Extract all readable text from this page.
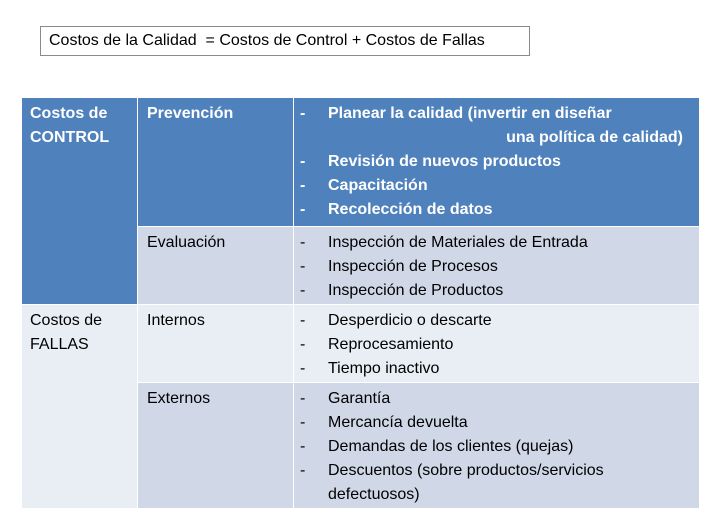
Costos de la Calidad  = Costos de Control + Costos de Fallas
Costos de CONTROL
Prevención	- Planear la calidad (invertir en diseñar
una política de calidad)
- Revisión de nuevos productos
- Capacitación
- Recolección de datos
Evaluación	- Inspección de Materiales de Entrada
- Inspección de Procesos
- Inspección de Productos
Costos de FALLAS
Internos	- Desperdicio o descarte
- Reprocesamiento
- Tiempo inactivo
Externos	- Garantía
- Mercancía devuelta
- Demandas de los clientes (quejas)
- Descuentos (sobre productos/servicios defectuosos)
